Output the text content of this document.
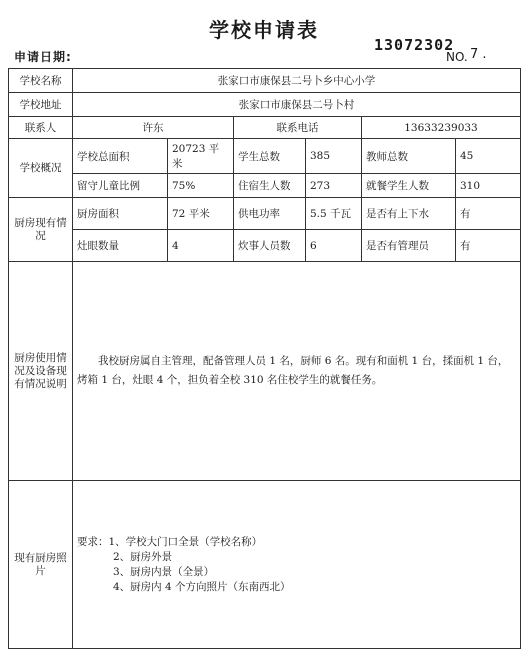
学校申请表
申请日期:
13072302
NO. 7 .
学校名称	张家口市康保县二号卜乡中心小学					
学校地址	张家口市康保县二号卜村					
联系人	许东		联系电话		13633239033	
学校概况	学校总面积	20723 平米	学生总数	385	教师总数	45
	留守儿童比例	75%	住宿生人数	273	就餐学生人数	310
厨房现有情况	厨房面积	72 平米	供电功率	5.5 千瓦	是否有上下水	有
	灶眼数量	4	炊事人员数	6	是否有管理员	有
厨房使用情况及设备现有情况说明	我校厨房属自主管理，配备管理人员 1 名，厨师 6 名。现有和面机 1 台，揉面机 1 台，烤箱 1 台，灶眼 4 个，担负着全校 310 名住校学生的就餐任务。					
现有厨房照片	要求：1、学校大门口全景（学校名称）
2、厨房外景
3、厨房内景（全景）
4、厨房内 4 个方向照片（东南西北）					
